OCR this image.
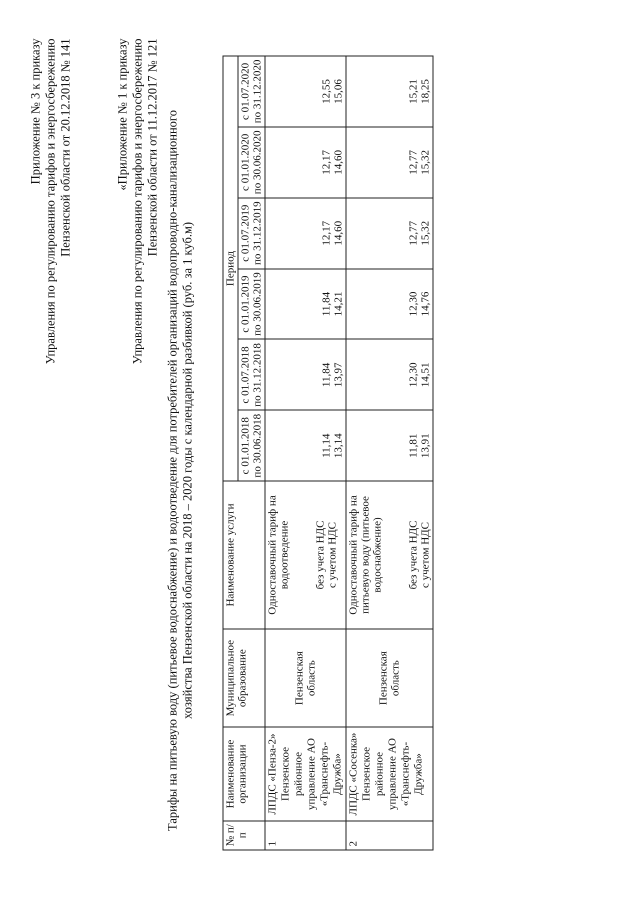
Приложение № 3 к приказу Управления по регулированию тарифов и энергосбережению Пензенской области от 20.12.2018 № 141	«Приложение № 1 к приказу Управления по регулированию тарифов и энергосбережению Пензенской области от 11.12.2017 № 121 Тарифы на питьевую воду (питьевое водоснабжение) и водоотведение для потребителей организаций водопроводно-канализационного хозяйства Пензенской области на 2018 – 2020 годы с календарной разбивкой (руб. за 1 куб.м)
№ п/п	Наименование организации	Муниципальное образование	Наименование услуги	Период					
				с 01.01.2018 по 30.06.2018	с 01.07.2018 по 31.12.2018	с 01.01.2019 по 30.06.2019	с 01.07.2019 по 31.12.2019	с 01.01.2020 по 30.06.2020	с 01.07.2020 по 31.12.2020
1	ЛПДС «Пенза-2» Пензенское районное управление АО «Транснефть-Дружба»	Пензенская область	Одноставочный тариф на водоотведение без учета НДС с учетом НДС	11,14 13,14	11,84 13,97	11,84 14,21	12,17 14,60	12,17 14,60	12,55 15,06

2	ЛПДС «Сосенка» Пензенское районное управление АО «Транснефть-Дружба»	Пензенская область	Одноставочный тариф на питьевую воду (питьевое водоснабжение) без учета НДС с учетом НДС	11,81 13,91	12,30 14,51	12,30 14,76	12,77 15,32	12,77 15,32	15,21 18,25
